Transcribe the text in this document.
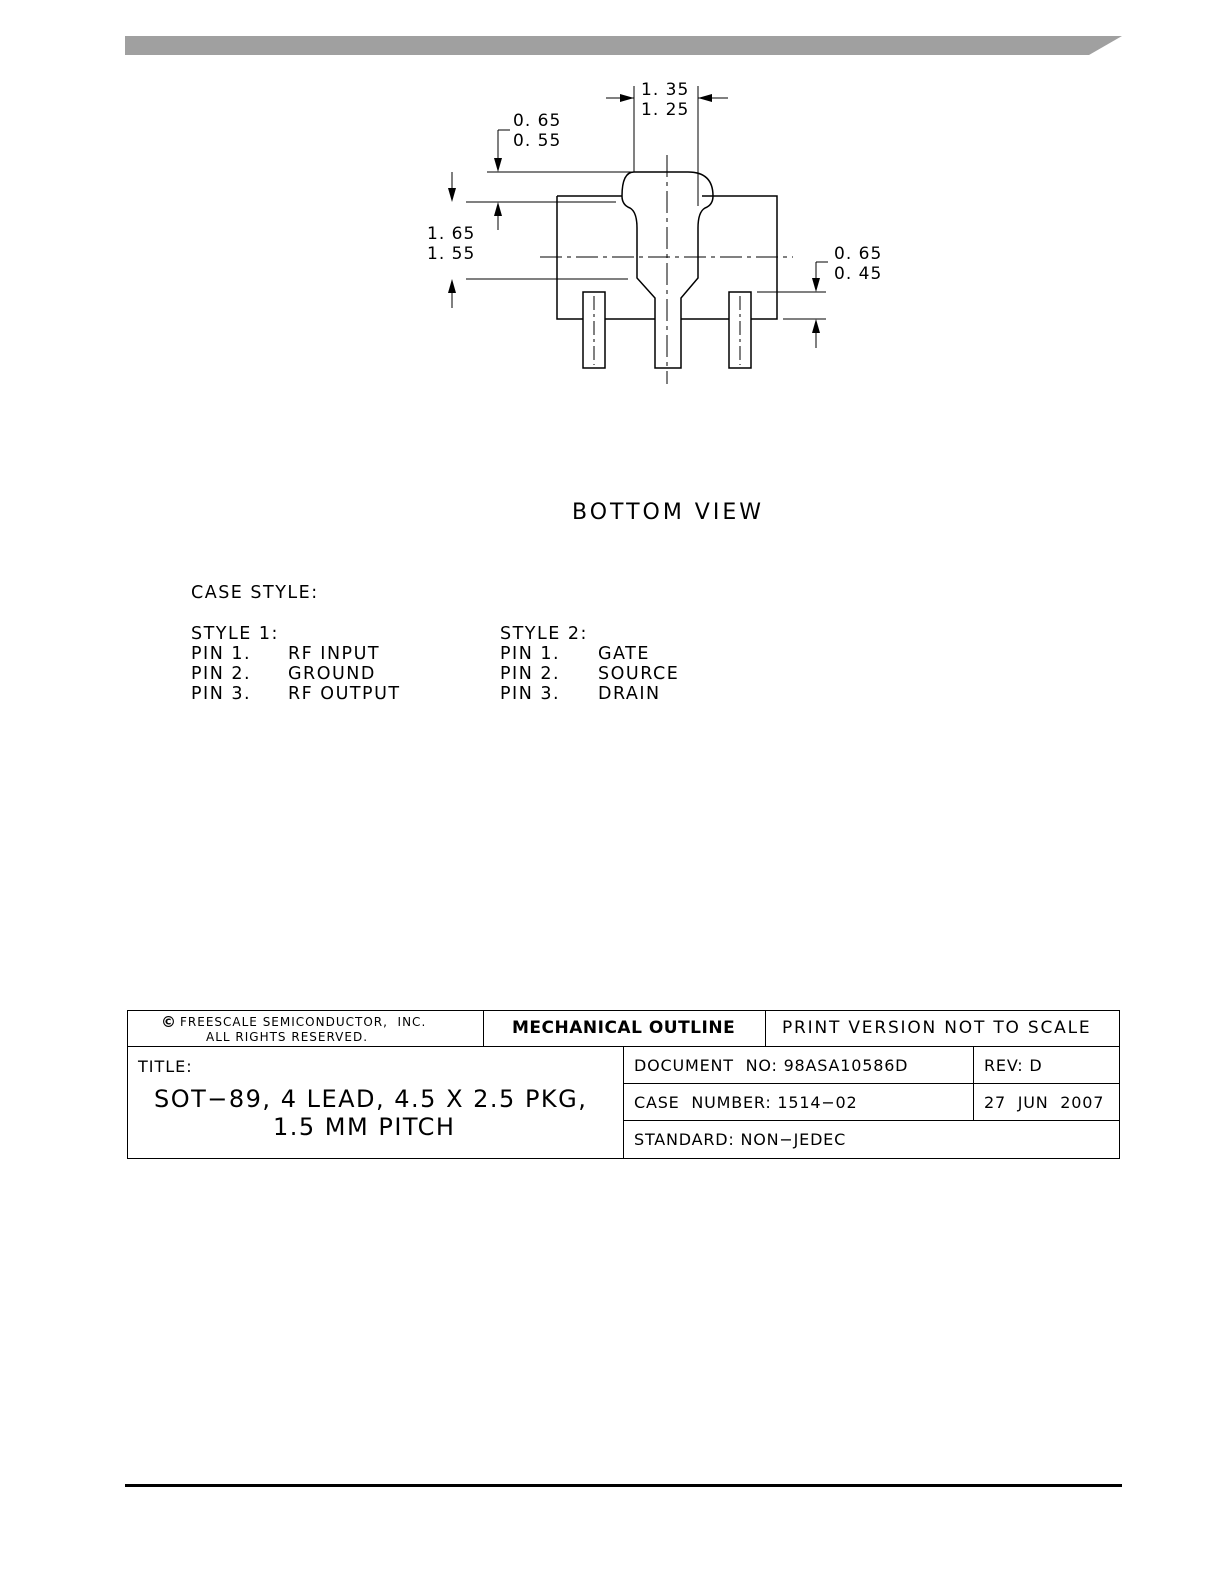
1. 35
1. 25
0. 65
0. 55
1. 65
1. 55	0. 65
0. 45
BOTTOM VIEW
CASE STYLE:
STYLE 1:
PIN 1. RF INPUT
PIN 2. GROUND
PIN 3. RF OUTPUT
STYLE 2:
PIN 1. GATE
PIN 2. SOURCE
PIN 3. DRAIN
© FREESCALE SEMICONDUCTOR,  INC.
ALL RIGHTS RESERVED.	MECHANICAL OUTLINE	PRINT VERSION NOT TO SCALE
TITLE:
SOT−89, 4 LEAD, 4.5 X 2.5 PKG,
1.5 MM PITCH
DOCUMENT  NO: 98ASA10586D	REV: D
CASE  NUMBER: 1514−02	27  JUN  2007
STANDARD: NON−JEDEC
